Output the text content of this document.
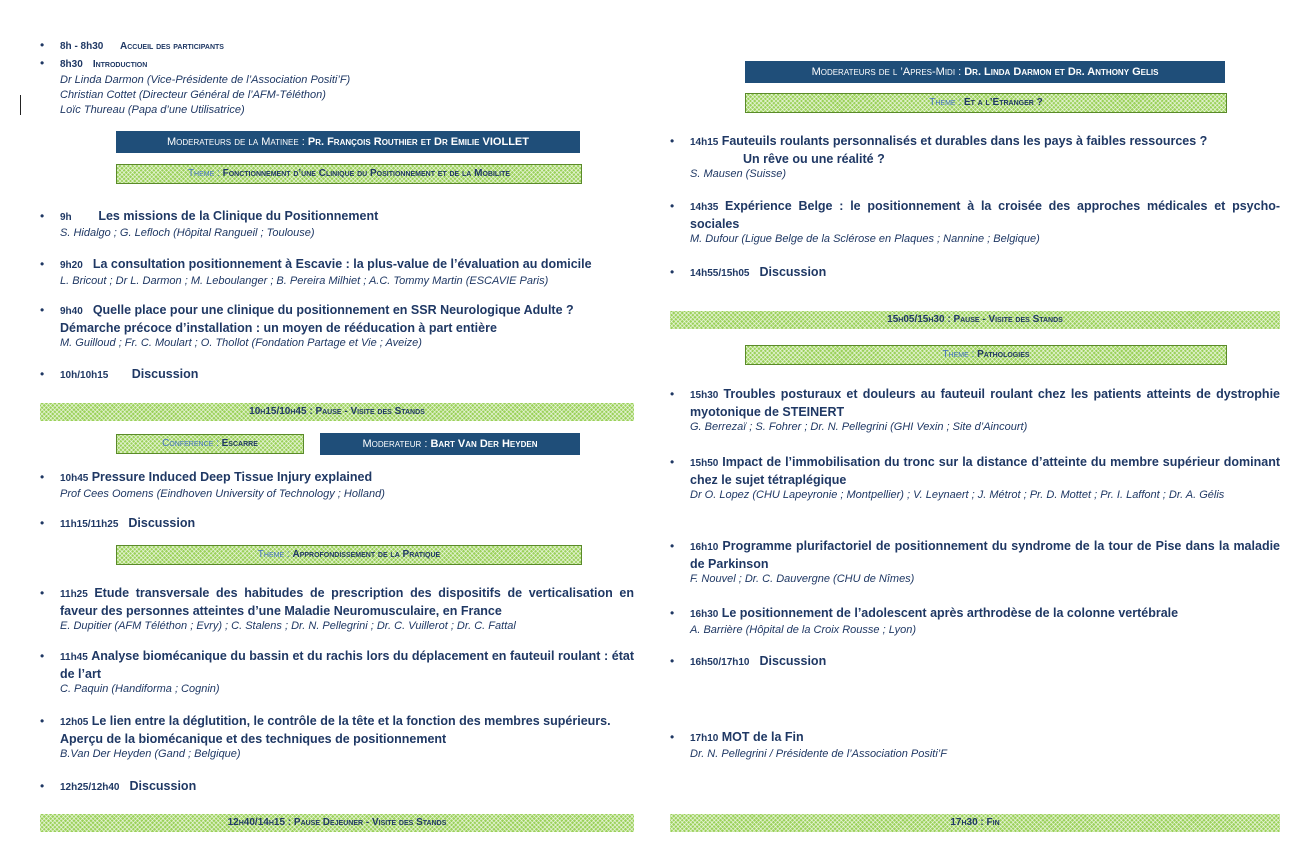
• 8h - 8h30 Accueil des participants
• 8h30 Introduction
Dr Linda Darmon (Vice-Présidente de l’Association Positi’F)
Christian Cottet (Directeur Général de l’AFM-Téléthon)
Loïc Thureau (Papa d’une Utilisatrice)
Moderateurs de la Matinee : Pr. François Routhier et Dr Emilie VIOLLET
Theme : Fonctionnement d’une Clinique du Positionnement et de la Mobilite
• 9h Les missions de la Clinique du Positionnement
S. Hidalgo ; G. Lefloch (Hôpital Rangueil ; Toulouse)
• 9h20 La consultation positionnement à Escavie : la plus-value de l’évaluation au domicile
L. Bricout ; Dr L. Darmon ; M. Leboulanger ; B. Pereira Milhiet ; A.C. Tommy Martin (ESCAVIE Paris)
• 9h40 Quelle place pour une clinique du positionnement en SSR Neurologique Adulte ?
Démarche précoce d’installation : un moyen de rééducation à part entière
M. Guilloud ; Fr. C. Moulart ; O. Thollot (Fondation Partage et Vie ; Aveize)
• 10h/10h15 Discussion
10h15/10h45 : Pause - Visite des Stands
Conference : Escarre	Moderateur : Bart Van Der Heyden
• 10h45 Pressure Induced Deep Tissue Injury explained
Prof Cees Oomens (Eindhoven University of Technology ; Holland)
• 11h15/11h25 Discussion
Theme : Approfondissement de la Pratique
• 11h25 Etude transversale des habitudes de prescription des dispositifs de verticalisation en faveur des personnes atteintes d’une Maladie Neuromusculaire, en France
E. Dupitier (AFM Téléthon ; Evry) ; C. Stalens ; Dr. N. Pellegrini ; Dr. C. Vuillerot ; Dr. C. Fattal
• 11h45 Analyse biomécanique du bassin et du rachis lors du déplacement en fauteuil roulant : état de l’art
C. Paquin (Handiforma ; Cognin)
• 12h05 Le lien entre la déglutition, le contrôle de la tête et la fonction des membres supérieurs.
Aperçu de la biomécanique et des techniques de positionnement
B.Van Der Heyden (Gand ; Belgique)
• 12h25/12h40 Discussion
12h40/14h15 : Pause Dejeuner - Visite des Stands
Moderateurs de l ’Apres-Midi : Dr. Linda Darmon et Dr. Anthony Gelis
Theme : Et a l’Etranger ?
• 14h15 Fauteuils roulants personnalisés et durables dans les pays à faibles ressources ?
Un rêve ou une réalité ?
S. Mausen (Suisse)
• 14h35 Expérience Belge : le positionnement à la croisée des approches médicales et psycho-sociales
M. Dufour (Ligue Belge de la Sclérose en Plaques ; Nannine ; Belgique)
• 14h55/15h05 Discussion
15h05/15h30 : Pause - Visite des Stands
Theme : Pathologies
• 15h30 Troubles posturaux et douleurs au fauteuil roulant chez les patients atteints de dystrophie myotonique de STEINERT
G. Berrezaï ; S. Fohrer ; Dr. N. Pellegrini (GHI Vexin ; Site d’Aincourt)
• 15h50 Impact de l’immobilisation du tronc sur la distance d’atteinte du membre supérieur dominant chez le sujet tétraplégique
Dr O. Lopez (CHU Lapeyronie ; Montpellier) ; V. Leynaert ; J. Métrot ; Pr. D. Mottet ; Pr. I. Laffont ; Dr. A. Gélis
• 16h10 Programme plurifactoriel de positionnement du syndrome de la tour de Pise dans la maladie de Parkinson
F. Nouvel ; Dr. C. Dauvergne (CHU de Nîmes)
• 16h30 Le positionnement de l’adolescent après arthrodèse de la colonne vertébrale
A. Barrière (Hôpital de la Croix Rousse ; Lyon)
• 16h50/17h10 Discussion
• 17h10 MOT de la Fin
Dr. N. Pellegrini / Présidente de l’Association Positi’F
17h30 : Fin
